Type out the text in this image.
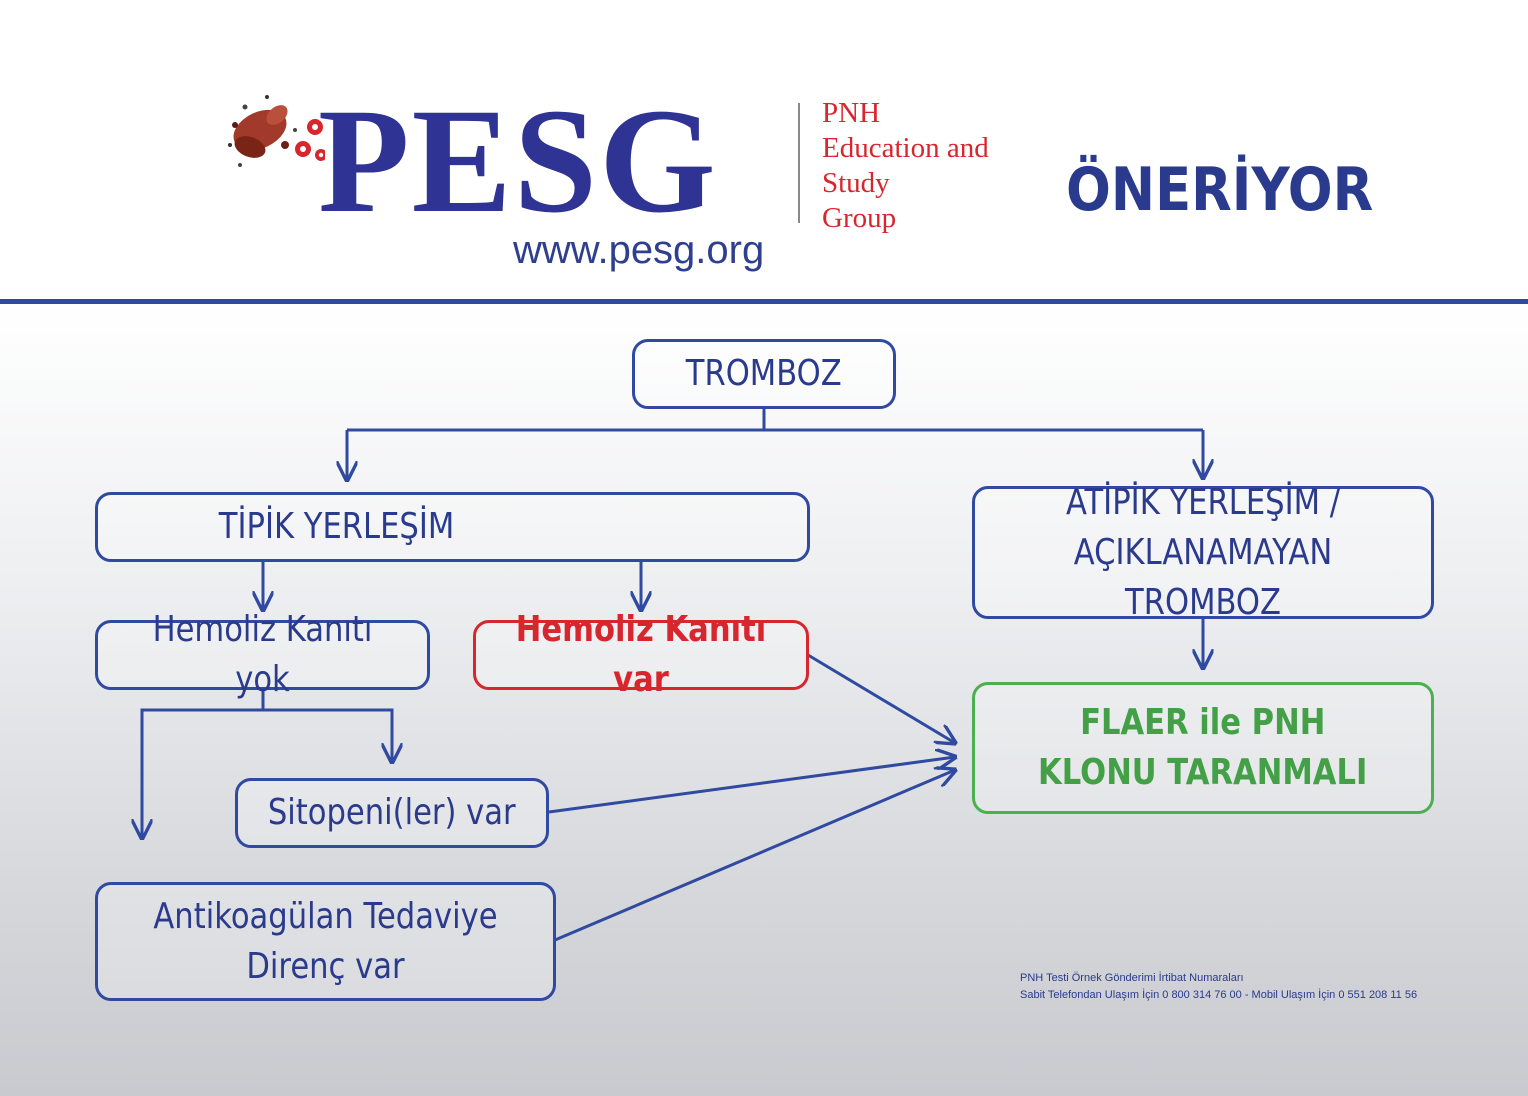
PESG
www.pesg.org
PNH
Education and
Study
Group	ÖNERİYOR
TROMBOZ
TİPİK YERLEŞİM
ATİPİK YERLEŞİM /
AÇIKLANAMAYAN TROMBOZ
Hemoliz Kanıtı yok
Hemoliz Kanıtı var
FLAER ile PNH
KLONU TARANMALI
Sitopeni(ler) var
Antikoagülan Tedaviye
Direnç var	PNH Testi Örnek Gönderimi İrtibat Numaraları
Sabit Telefondan Ulaşım İçin 0 800 314 76 00 - Mobil Ulaşım İçin 0 551 208 11 56
